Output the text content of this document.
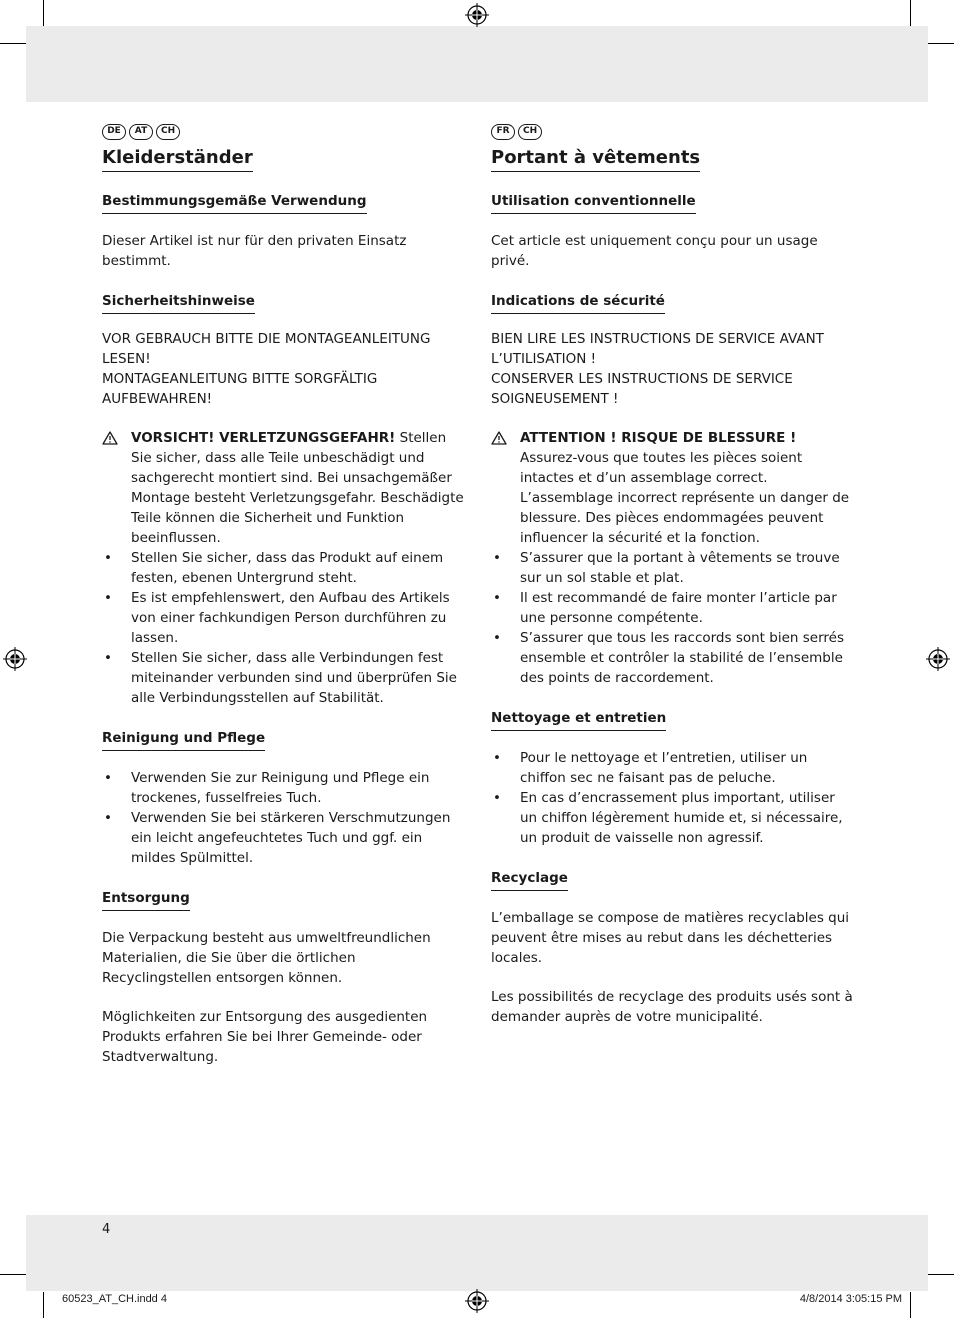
DE	AT	CH
Kleiderständer
Bestimmungsgemäße Verwendung

Dieser Artikel ist nur für den privaten Einsatz bestimmt.

Sicherheitshinweise

VOR GEBRAUCH BITTE DIE MONTAGEANLEITUNG LESEN!

MONTAGEANLEITUNG BITTE SORGFÄLTIG AUFBEWAHREN!

VORSICHT! VERLETZUNGSGEFAHR! Stellen Sie sicher, dass alle Teile unbeschädigt und sachgerecht montiert sind. Bei unsachgemäßer Montage besteht Verletzungsgefahr. Beschädigte Teile können die Sicherheit und Funktion beeinflussen.
•	Stellen Sie sicher, dass das Produkt auf einem festen, ebenen Untergrund steht.
•	Es ist empfehlenswert, den Aufbau des Artikels von einer fachkundigen Person durchführen zu lassen.
•	Stellen Sie sicher, dass alle Verbindungen fest miteinander verbunden sind und überprüfen Sie alle Verbindungsstellen auf Stabilität.
Reinigung und Pflege
•	Verwenden Sie zur Reinigung und Pflege ein trockenes, fusselfreies Tuch.
•	Verwenden Sie bei stärkeren Verschmutzungen ein leicht angefeuchtetes Tuch und ggf. ein mildes Spülmittel.
Entsorgung

Die Verpackung besteht aus umweltfreundlichen Materialien, die Sie über die örtlichen Recyclingstellen entsorgen können.

Möglichkeiten zur Entsorgung des ausgedienten Produkts erfahren Sie bei Ihrer Gemeinde- oder Stadtverwaltung.

FR	CH
Portant à vêtements
Utilisation conventionnelle

Cet article est uniquement conçu pour un usage privé.

Indications de sécurité

BIEN LIRE LES INSTRUCTIONS DE SERVICE AVANT L’UTILISATION !

CONSERVER LES INSTRUCTIONS DE SERVICE SOIGNEUSEMENT !

ATTENTION ! RISQUE DE BLESSURE ! Assurez-vous que toutes les pièces soient intactes et d’un assemblage correct. L’assemblage incorrect représente un danger de blessure. Des pièces endommagées peuvent influencer la sécurité et la fonction.
•	S’assurer que la portant à vêtements se trouve sur un sol stable et plat.
•	Il est recommandé de faire monter l’article par une personne compétente.
•	S’assurer que tous les raccords sont bien serrés ensemble et contrôler la stabilité de l’ensemble des points de raccordement.
Nettoyage et entretien
•	Pour le nettoyage et l’entretien, utiliser un chiffon sec ne faisant pas de peluche.
•	En cas d’encrassement plus important, utiliser un chiffon légèrement humide et, si nécessaire, un produit de vaisselle non agressif.
Recyclage

L’emballage se compose de matières recyclables qui peuvent être mises au rebut dans les déchetteries locales.

Les possibilités de recyclage des produits usés sont à demander auprès de votre municipalité.

4
60523_AT_CH.indd 4	4/8/2014 3:05:15 PM
